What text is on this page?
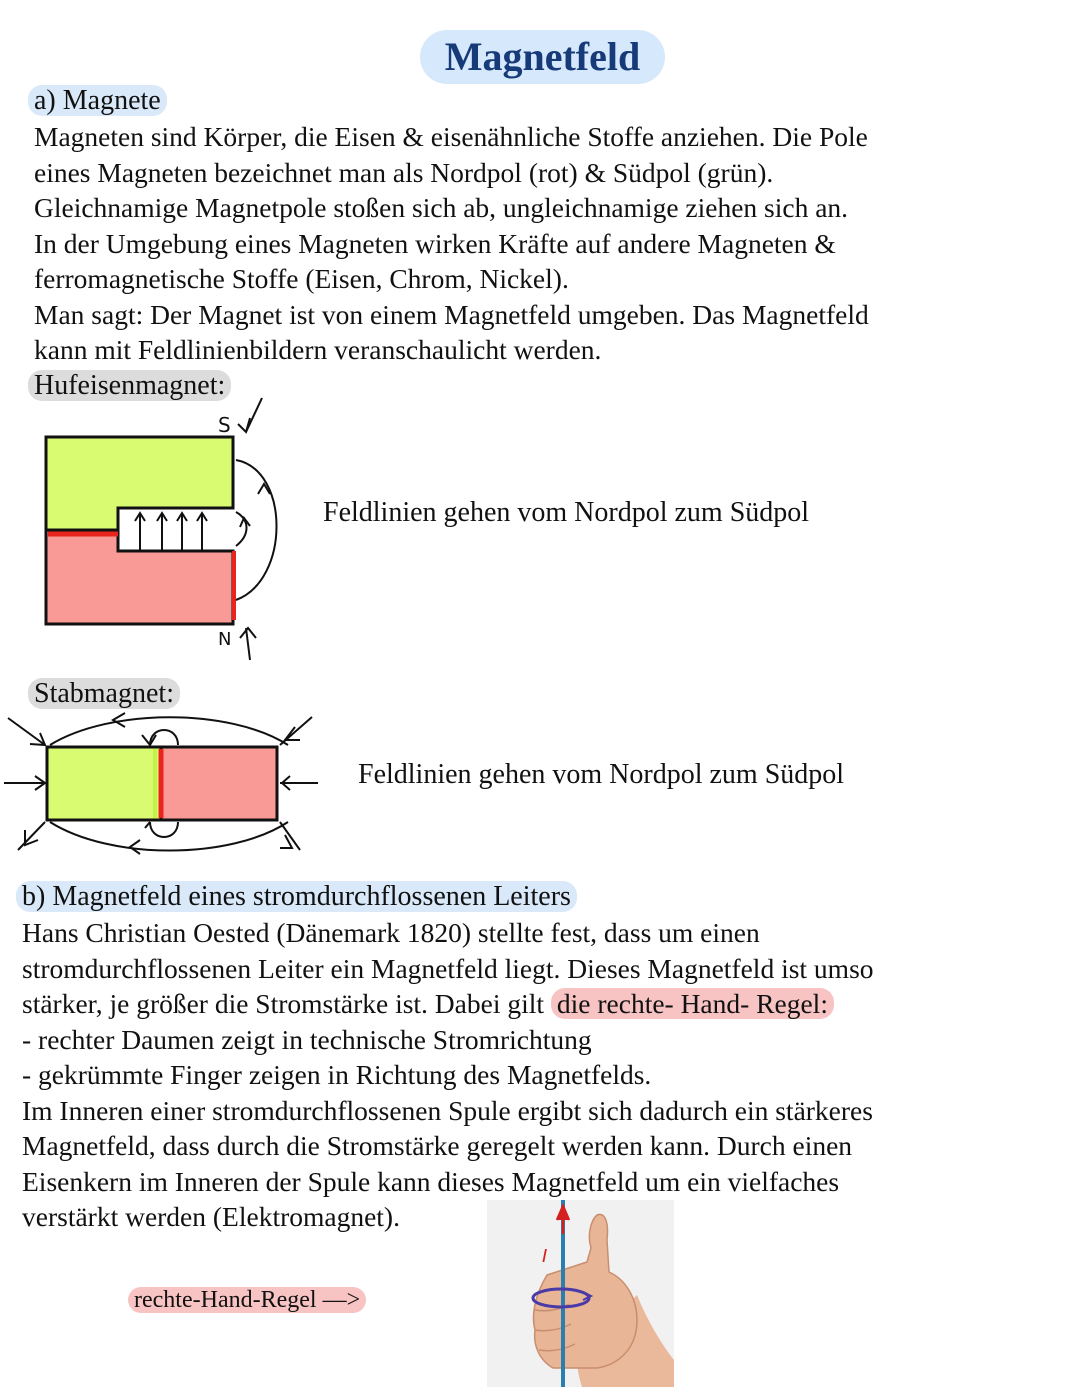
Magnetfeld
a) Magnete
Magneten sind Körper, die Eisen & eisenähnliche Stoffe anziehen. Die Pole
eines Magneten bezeichnet man als Nordpol (rot) & Südpol (grün).
Gleichnamige Magnetpole stoßen sich ab, ungleichnamige ziehen sich an.
In der Umgebung eines Magneten wirken Kräfte auf andere Magneten &
ferromagnetische Stoffe (Eisen, Chrom, Nickel).
Man sagt: Der Magnet ist von einem Magnetfeld umgeben. Das Magnetfeld
kann mit Feldlinienbildern veranschaulicht werden.
Hufeisenmagnet:
S
N
Feldlinien gehen vom Nordpol zum Südpol
Stabmagnet:
Feldlinien gehen vom Nordpol zum Südpol
b) Magnetfeld eines stromdurchflossenen Leiters
Hans Christian Oested (Dänemark 1820) stellte fest, dass um einen
stromdurchflossenen Leiter ein Magnetfeld liegt. Dieses Magnetfeld ist umso
stärker, je größer die Stromstärke ist. Dabei gilt die rechte- Hand- Regel:
- rechter Daumen zeigt in technische Stromrichtung
- gekrümmte Finger zeigen in Richtung des Magnetfelds.
Im Inneren einer stromdurchflossenen Spule ergibt sich dadurch ein stärkeres
Magnetfeld, dass durch die Stromstärke geregelt werden kann. Durch einen
Eisenkern im Inneren der Spule kann dieses Magnetfeld um ein vielfaches
verstärkt werden (Elektromagnet).
rechte-Hand-Regel —>
I
